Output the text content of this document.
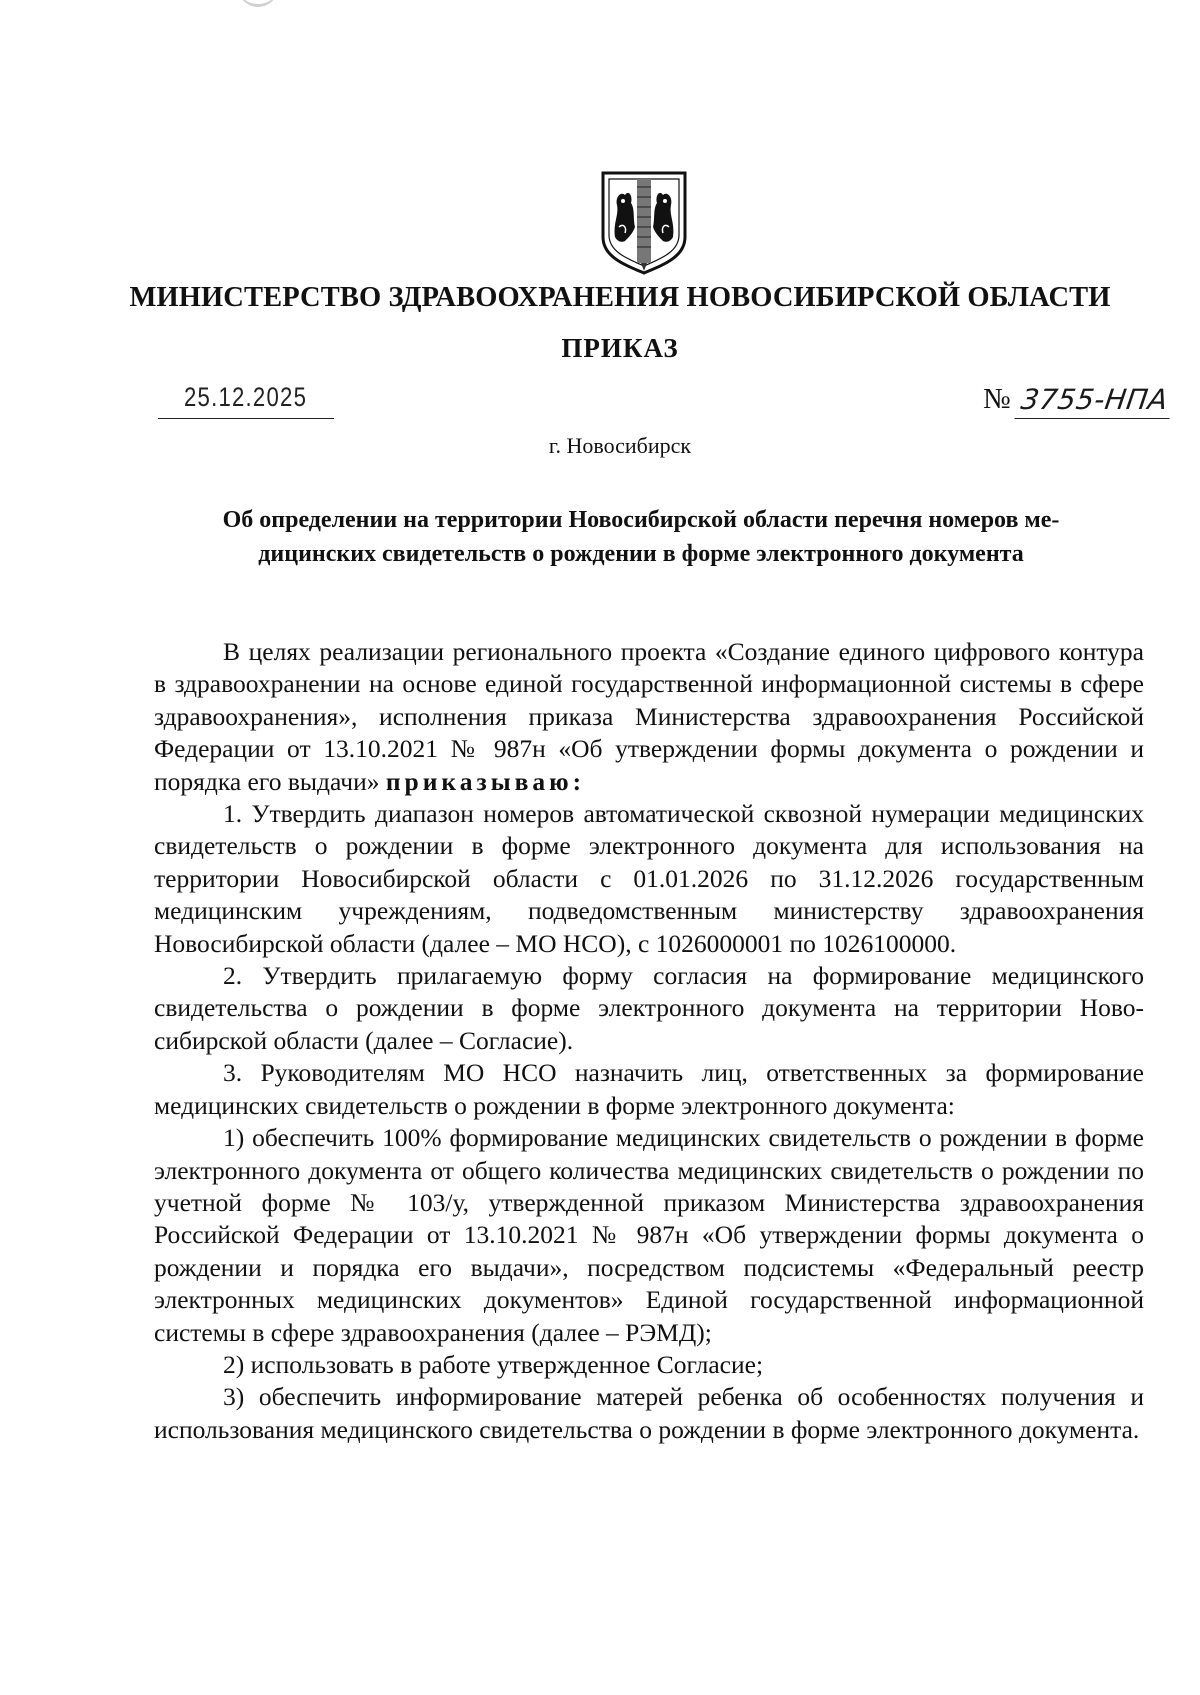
МИНИСТЕРСТВО ЗДРАВООХРАНЕНИЯ НОВОСИБИРСКОЙ ОБЛАСТИ
ПРИКАЗ
25.12.2025	№ 3755-НПА
г. Новосибирск
Об определении на территории Новосибирской области перечня номеров ме-
дицинских свидетельств о рождении в форме электронного документа

В целях реализации регионального проекта «Создание единого цифрового контура в здравоохранении на основе единой государственной информационной системы в сфере здравоохранения», исполнения приказа Министерства здравоохранения Российской Федерации от 13.10.2021 № 987н «Об утверждении формы документа о рождении и порядка его выдачи» приказываю:

1. Утвердить диапазон номеров автоматической сквозной нумерации медицинских свидетельств о рождении в форме электронного документа для использования на территории Новосибирской области с 01.01.2026 по 31.12.2026 государственным медицинским учреждениям, подведомственным министерству здравоохранения Новосибирской области (далее – МО НСО), с 1026000001 по 1026100000.

2. Утвердить прилагаемую форму согласия на формирование медицинского свидетельства о рождении в форме электронного документа на территории Новосибирской области (далее – Согласие).

3. Руководителям МО НСО назначить лиц, ответственных за формирование медицинских свидетельств о рождении в форме электронного документа:

1) обеспечить 100% формирование медицинских свидетельств о рождении в форме электронного документа от общего количества медицинских свидетельств о рождении по учетной форме № 103/у, утвержденной приказом Министерства здравоохранения Российской Федерации от 13.10.2021 № 987н «Об утверждении формы документа о рождении и порядка его выдачи», посредством подсистемы «Федеральный реестр электронных медицинских документов» Единой государственной информационной системы в сфере здравоохранения (далее – РЭМД);

2) использовать в работе утвержденное Согласие;

3) обеспечить информирование матерей ребенка об особенностях получения и использования медицинского свидетельства о рождении в форме электронного документа.
